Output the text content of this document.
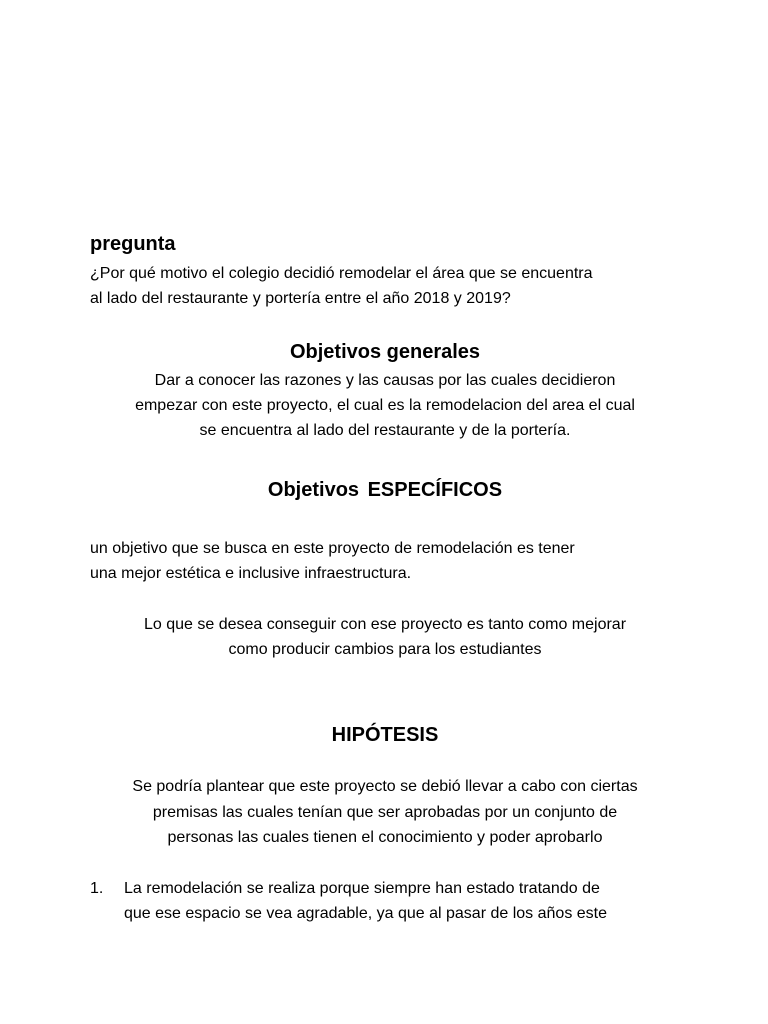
pregunta
¿Por qué motivo el colegio decidió remodelar el área que se encuentra
al lado del restaurante y portería entre el año 2018 y 2019?
Objetivos generales
Dar a conocer las razones y las causas por las cuales decidieron
empezar con este proyecto, el cual es la remodelacion del area el cual
se encuentra al lado del restaurante y de la portería.
Objetivos ESPECÍFICOS
un objetivo que se busca en este proyecto de remodelación es tener
una mejor estética e inclusive infraestructura.
Lo que se desea conseguir con ese proyecto es tanto como mejorar
como producir cambios para los estudiantes
HIPÓTESIS
Se podría plantear que este proyecto se debió llevar a cabo con ciertas
premisas las cuales tenían que ser aprobadas por un conjunto de
personas las cuales tienen el conocimiento y poder aprobarlo
1.	La remodelación se realiza porque siempre han estado tratando de
que ese espacio se vea agradable, ya que al pasar de los años este
